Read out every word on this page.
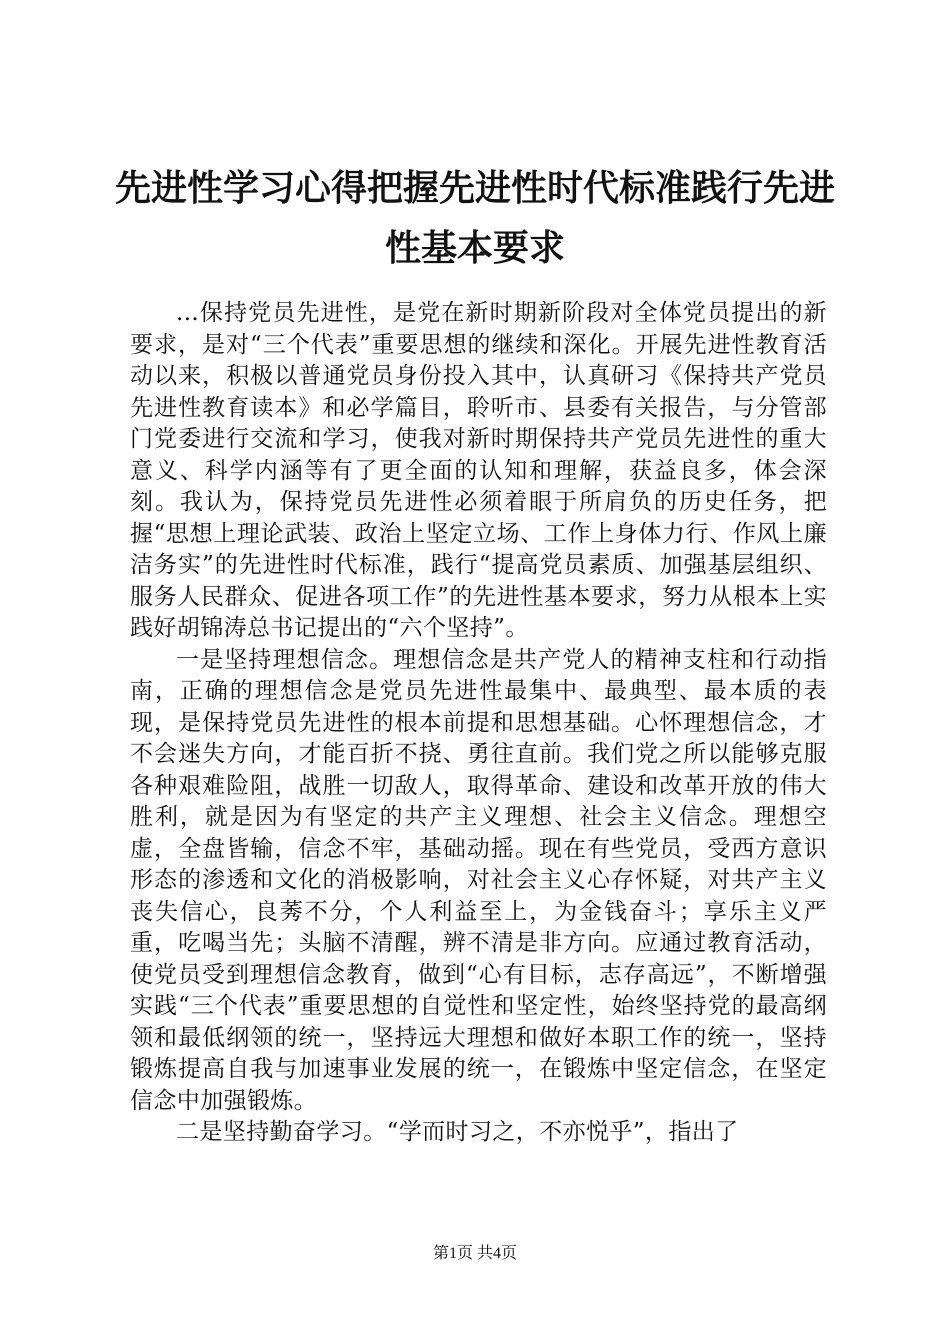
先进性学习心得把握先进性时代标准践行先进性基本要求

...保持党员先进性，是党在新时期新阶段对全体党员提出的新要求，是对“三个代表”重要思想的继续和深化。开展先进性教育活动以来，积极以普通党员身份投入其中，认真研习《保持共产党员先进性教育读本》和必学篇目，聆听市、县委有关报告，与分管部门党委进行交流和学习，使我对新时期保持共产党员先进性的重大意义、科学内涵等有了更全面的认知和理解，获益良多，体会深刻。我认为，保持党员先进性必须着眼于所肩负的历史任务，把握“思想上理论武装、政治上坚定立场、工作上身体力行、作风上廉洁务实”的先进性时代标准，践行“提高党员素质、加强基层组织、服务人民群众、促进各项工作”的先进性基本要求，努力从根本上实践好胡锦涛总书记提出的“六个坚持”。

一是坚持理想信念。理想信念是共产党人的精神支柱和行动指南，正确的理想信念是党员先进性最集中、最典型、最本质的表现，是保持党员先进性的根本前提和思想基础。心怀理想信念，才不会迷失方向，才能百折不挠、勇往直前。我们党之所以能够克服各种艰难险阻，战胜一切敌人，取得革命、建设和改革开放的伟大胜利，就是因为有坚定的共产主义理想、社会主义信念。理想空虚，全盘皆输，信念不牢，基础动摇。现在有些党员，受西方意识形态的渗透和文化的消极影响，对社会主义心存怀疑，对共产主义丧失信心，良莠不分，个人利益至上，为金钱奋斗；享乐主义严重，吃喝当先；头脑不清醒，辨不清是非方向。应通过教育活动，使党员受到理想信念教育，做到“心有目标，志存高远”，不断增强实践“三个代表”重要思想的自觉性和坚定性，始终坚持党的最高纲领和最低纲领的统一，坚持远大理想和做好本职工作的统一，坚持锻炼提高自我与加速事业发展的统一，在锻炼中坚定信念，在坚定信念中加强锻炼。

二是坚持勤奋学习。“学而时习之，不亦悦乎”，指出了

第1页 共4页
